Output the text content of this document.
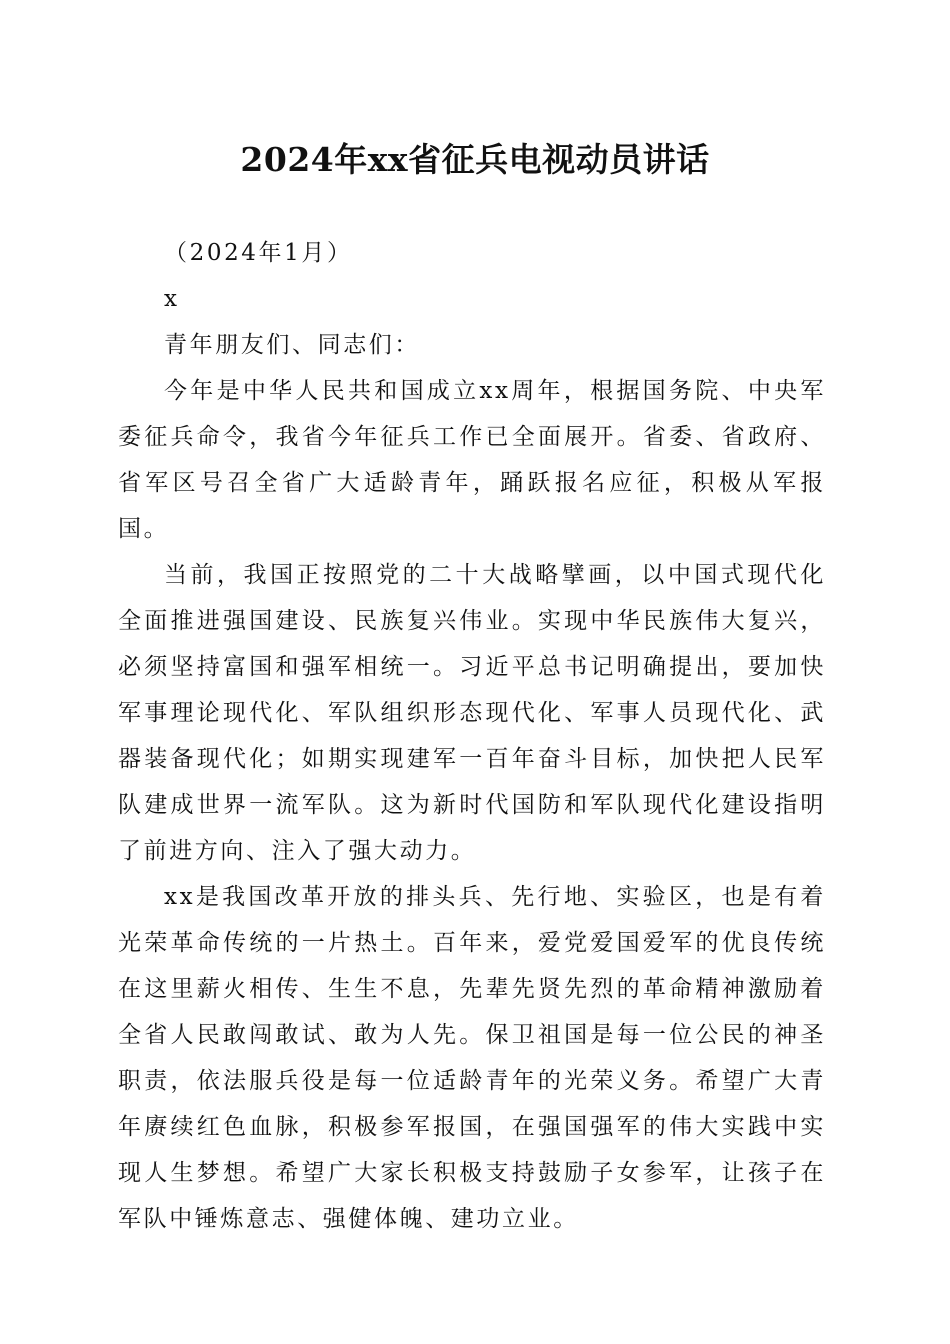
2024年xx省征兵电视动员讲话

（2024年1月）

x

青年朋友们、同志们：

今年是中华人民共和国成立xx周年，根据国务院、中央军委征兵命令，我省今年征兵工作已全面展开。省委、省政府、省军区号召全省广大适龄青年，踊跃报名应征，积极从军报国。

当前，我国正按照党的二十大战略擘画，以中国式现代化全面推进强国建设、民族复兴伟业。实现中华民族伟大复兴，必须坚持富国和强军相统一。习近平总书记明确提出，要加快军事理论现代化、军队组织形态现代化、军事人员现代化、武器装备现代化；如期实现建军一百年奋斗目标，加快把人民军队建成世界一流军队。这为新时代国防和军队现代化建设指明了前进方向、注入了强大动力。

xx是我国改革开放的排头兵、先行地、实验区，也是有着光荣革命传统的一片热土。百年来，爱党爱国爱军的优良传统在这里薪火相传、生生不息，先辈先贤先烈的革命精神激励着全省人民敢闯敢试、敢为人先。保卫祖国是每一位公民的神圣职责，依法服兵役是每一位适龄青年的光荣义务。希望广大青年赓续红色血脉，积极参军报国，在强国强军的伟大实践中实现人生梦想。希望广大家长积极支持鼓励子女参军，让孩子在军队中锤炼意志、强健体魄、建功立业。
